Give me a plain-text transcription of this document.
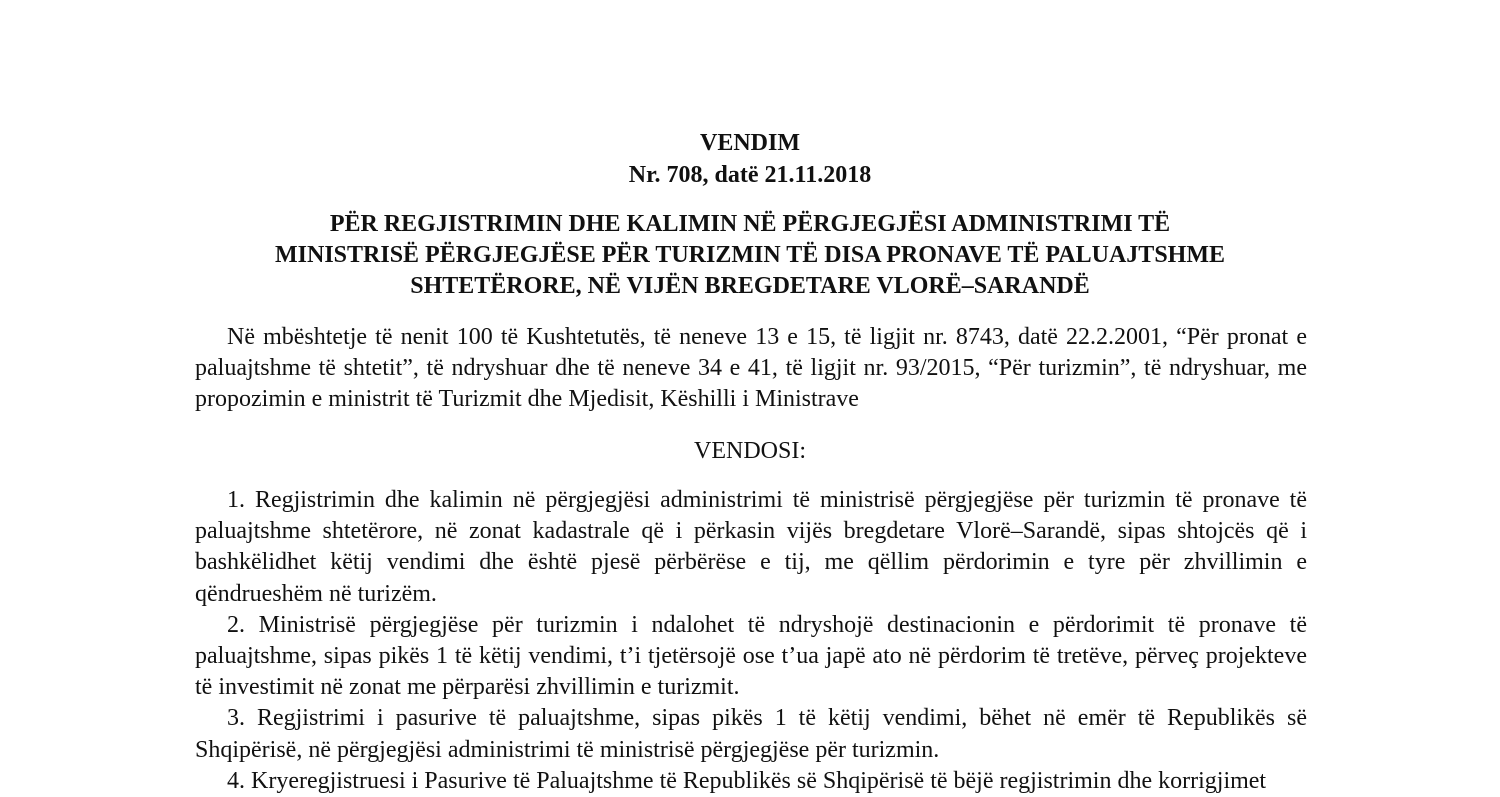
VENDIM
Nr. 708, datë 21.11.2018
PËR REGJISTRIMIN DHE KALIMIN NË PËRGJEGJËSI ADMINISTRIMI TË
MINISTRISË PËRGJEGJËSE PËR TURIZMIN TË DISA PRONAVE TË PALUAJTSHME
SHTETËRORE, NË VIJËN BREGDETARE VLORË–SARANDË

Në mbështetje të nenit 100 të Kushtetutës, të neneve 13 e 15, të ligjit nr. 8743, datë 22.2.2001, “Për pronat e paluajtshme të shtetit”, të ndryshuar dhe të neneve 34 e 41, të ligjit nr. 93/2015, “Për turizmin”, të ndryshuar, me propozimin e ministrit të Turizmit dhe Mjedisit, Këshilli i Ministrave

VENDOSI:

1. Regjistrimin dhe kalimin në përgjegjësi administrimi të ministrisë përgjegjëse për turizmin të pronave të paluajtshme shtetërore, në zonat kadastrale që i përkasin vijës bregdetare Vlorë–Sarandë, sipas shtojcës që i bashkëlidhet këtij vendimi dhe është pjesë përbërëse e tij, me qëllim përdorimin e tyre për zhvillimin e qëndrueshëm në turizëm.

2. Ministrisë përgjegjëse për turizmin i ndalohet të ndryshojë destinacionin e përdorimit të pronave të paluajtshme, sipas pikës 1 të këtij vendimi, t’i tjetërsojë ose t’ua japë ato në përdorim të tretëve, përveç projekteve të investimit në zonat me përparësi zhvillimin e turizmit.

3. Regjistrimi i pasurive të paluajtshme, sipas pikës 1 të këtij vendimi, bëhet në emër të Republikës së Shqipërisë, në përgjegjësi administrimi të ministrisë përgjegjëse për turizmin.

4. Kryeregjistruesi i Pasurive të Paluajtshme të Republikës së Shqipërisë të bëjë regjistrimin dhe korrigjimet
